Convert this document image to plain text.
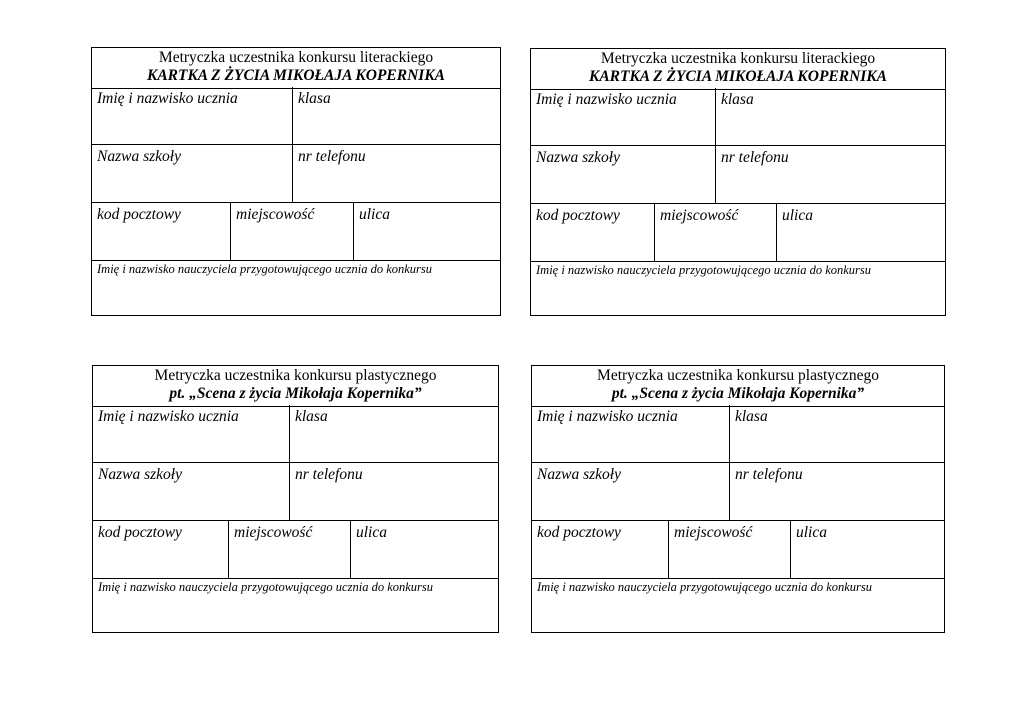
Metryczka uczestnika konkursu literackiego
KARTKA Z ŻYCIA MIKOŁAJA KOPERNIKA
Imię i nazwisko ucznia	klasa
Nazwa szkoły	nr telefonu
kod pocztowy	miejscowość	ulica
Imię i nazwisko nauczyciela przygotowującego ucznia do konkursu
Metryczka uczestnika konkursu literackiego
KARTKA Z ŻYCIA MIKOŁAJA KOPERNIKA
Imię i nazwisko ucznia	klasa
Nazwa szkoły	nr telefonu
kod pocztowy	miejscowość	ulica
Imię i nazwisko nauczyciela przygotowującego ucznia do konkursu
Metryczka uczestnika konkursu plastycznego
pt. „Scena z życia Mikołaja Kopernika”
Imię i nazwisko ucznia	klasa
Nazwa szkoły	nr telefonu
kod pocztowy	miejscowość	ulica
Imię i nazwisko nauczyciela przygotowującego ucznia do konkursu
Metryczka uczestnika konkursu plastycznego
pt. „Scena z życia Mikołaja Kopernika”
Imię i nazwisko ucznia	klasa
Nazwa szkoły	nr telefonu
kod pocztowy	miejscowość	ulica
Imię i nazwisko nauczyciela przygotowującego ucznia do konkursu
